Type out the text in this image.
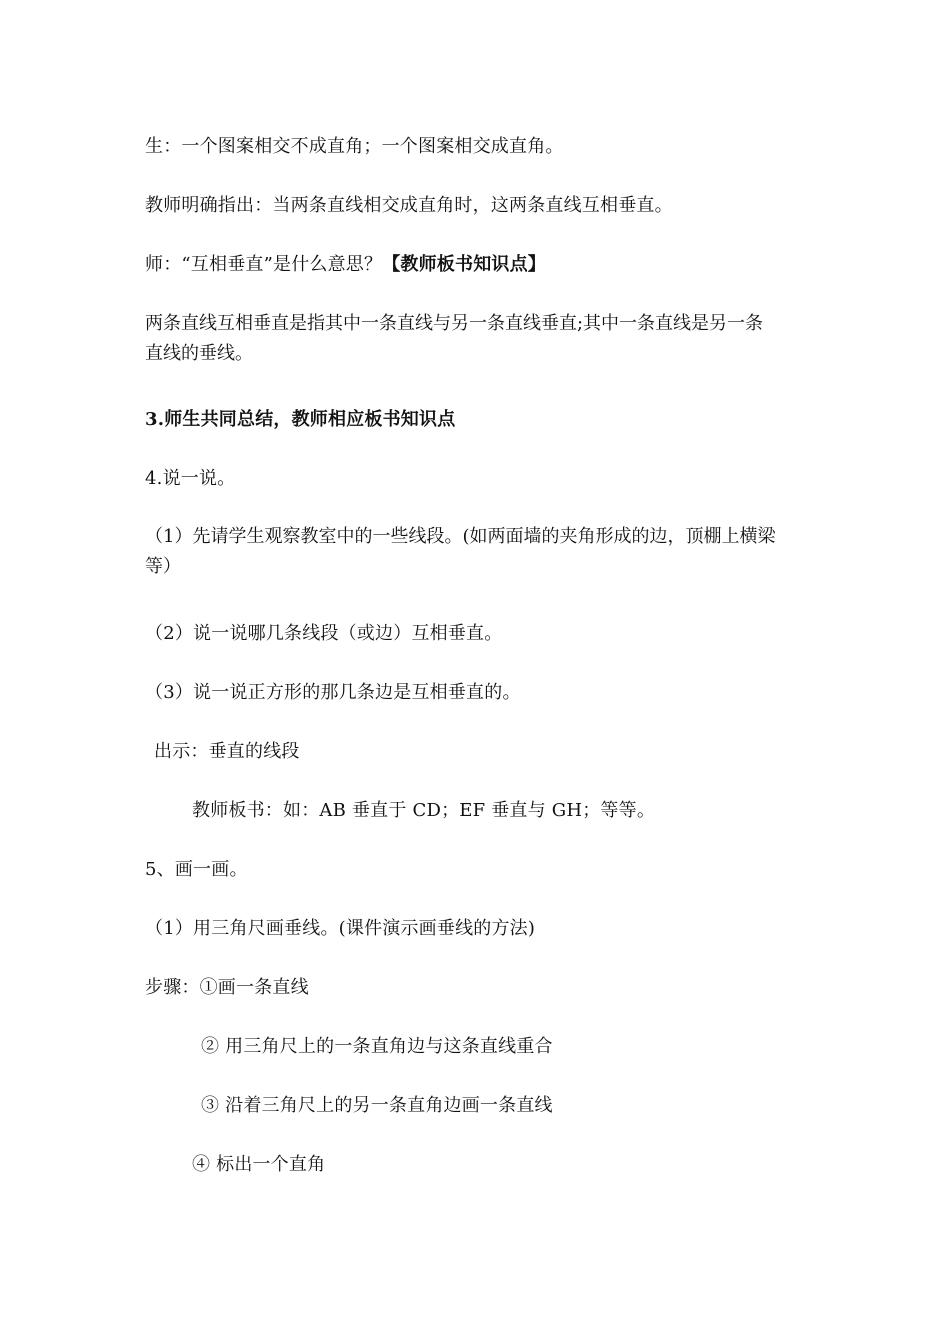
生：一个图案相交不成直角；一个图案相交成直角。
教师明确指出：当两条直线相交成直角时，这两条直线互相垂直。
师：“互相垂直”是什么意思？【教师板书知识点】
两条直线互相垂直是指其中一条直线与另一条直线垂直;其中一条直线是另一条
直线的垂线。
3.师生共同总结，教师相应板书知识点
4.说一说。
（1）先请学生观察教室中的一些线段。(如两面墙的夹角形成的边，顶棚上横梁
等）
（2）说一说哪几条线段（或边）互相垂直。
（3）说一说正方形的那几条边是互相垂直的。
出示：垂直的线段
教师板书：如：AB 垂直于 CD；EF 垂直与 GH；等等。
5、画一画。
（1）用三角尺画垂线。(课件演示画垂线的方法)
步骤：①画一条直线
② 用三角尺上的一条直角边与这条直线重合
③ 沿着三角尺上的另一条直角边画一条直线
④ 标出一个直角
